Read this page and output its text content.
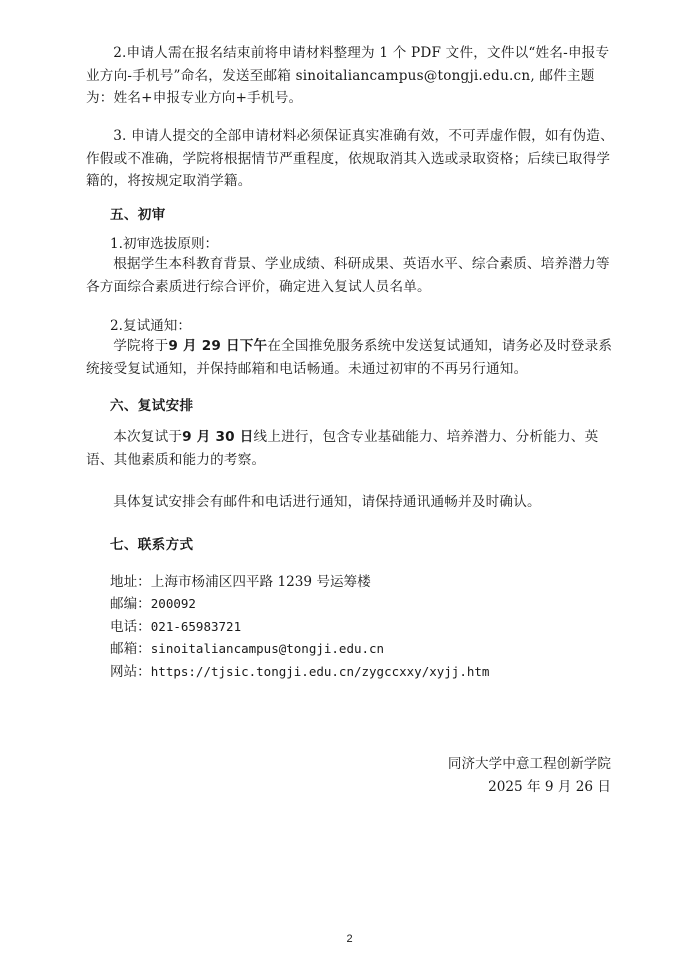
2.申请人需在报名结束前将申请材料整理为 1 个 PDF 文件，文件以“姓名-申报专业方向-手机号”命名，发送至邮箱 sinoitaliancampus@tongji.edu.cn, 邮件主题为：姓名+申报专业方向+手机号。

3. 申请人提交的全部申请材料必须保证真实准确有效，不可弄虚作假，如有伪造、作假或不准确，学院将根据情节严重程度，依规取消其入选或录取资格；后续已取得学籍的，将按规定取消学籍。

五、初审

1.初审选拔原则：

根据学生本科教育背景、学业成绩、科研成果、英语水平、综合素质、培养潜力等各方面综合素质进行综合评价，确定进入复试人员名单。

2.复试通知：

学院将于9 月 29 日下午在全国推免服务系统中发送复试通知，请务必及时登录系统接受复试通知，并保持邮箱和电话畅通。未通过初审的不再另行通知。

六、复试安排

本次复试于9 月 30 日线上进行，包含专业基础能力、培养潜力、分析能力、英语、其他素质和能力的考察。

具体复试安排会有邮件和电话进行通知，请保持通讯通畅并及时确认。

七、联系方式

地址：上海市杨浦区四平路 1239 号运筹楼

邮编：200092

电话：021-65983721

邮箱：sinoitaliancampus@tongji.edu.cn

网站：https://tjsic.tongji.edu.cn/zygccxxy/xyjj.htm

同济大学中意工程创新学院

2025 年 9 月 26 日

2
